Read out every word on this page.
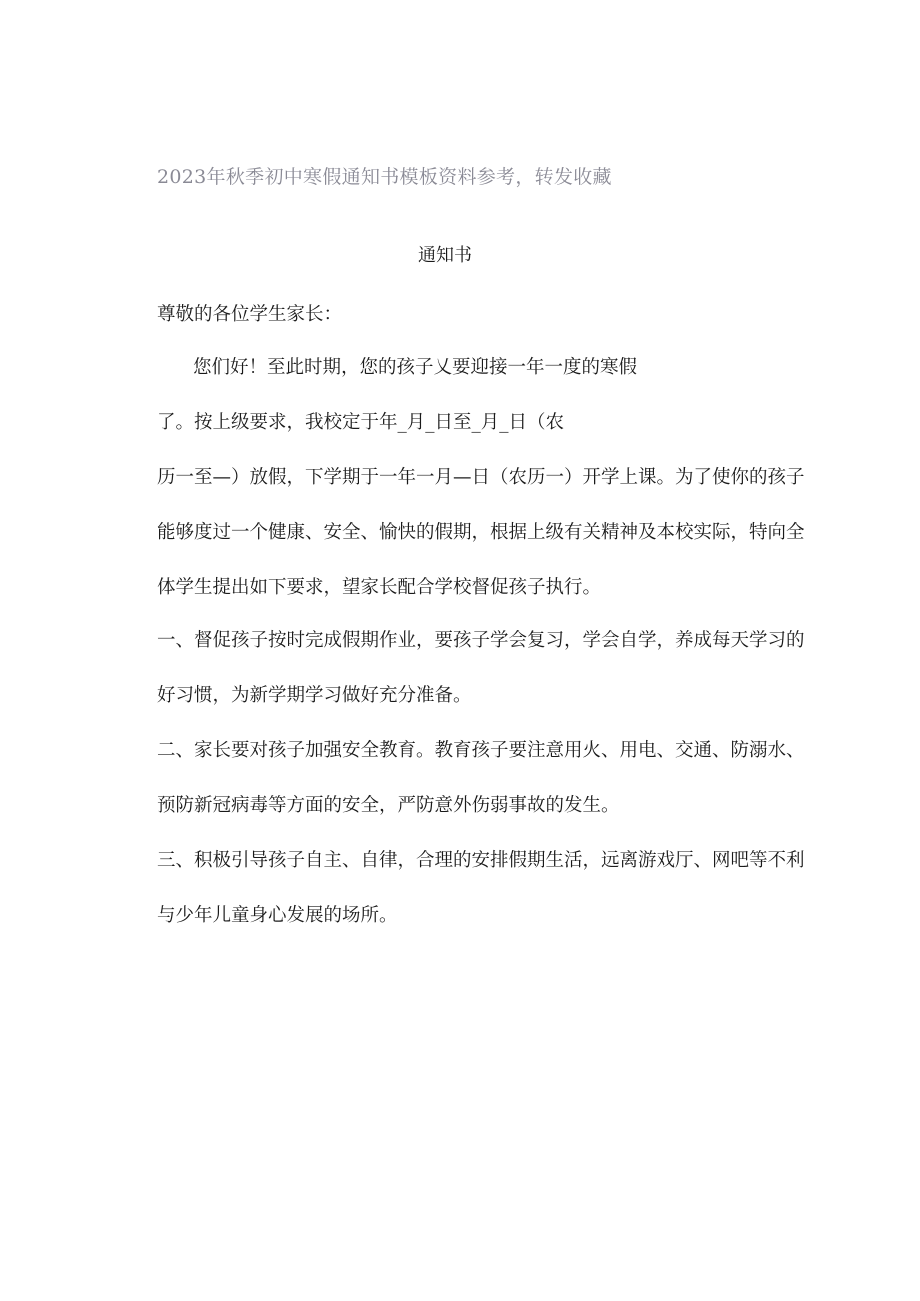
2023年秋季初中寒假通知书模板资料参考，转发收藏
通知书
尊敬的各位学生家长：
您们好！至此时期，您的孩子乂要迎接一年一度的寒假
了。按上级要求，我校定于年_月_日至_月_日（农
历一至—）放假，下学期于一年一月—日（农历一）开学上课。为了使你的孩子
能够度过一个健康、安全、愉快的假期，根据上级有关精神及本校实际，特向全
体学生提出如下要求，望家长配合学校督促孩子执行。
一、督促孩子按时完成假期作业，要孩子学会复习，学会自学，养成每天学习的
好习惯，为新学期学习做好充分准备。
二、家长要对孩子加强安全教育。教育孩子要注意用火、用电、交通、防溺水、
预防新冠病毒等方面的安全，严防意外伤弱事故的发生。
三、积极引导孩子自主、自律，合理的安排假期生活，远离游戏厅、网吧等不利
与少年儿童身心发展的场所。
